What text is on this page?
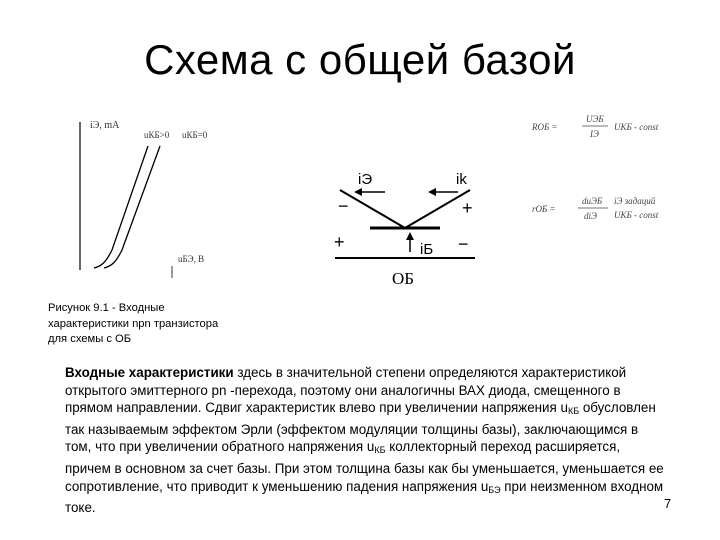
Схема с общей базой
iЭ, mA
uКБ>0 uКБ=0
uБЭ, B
Рисунок 9.1 - Входные
характеристики npn транзистора
для схемы с ОБ
iЭ	ik
iБ
−	+
+	−
ОБ
RОБ =
UЭБ
IЭ
UКБ - const
rОБ =
duЭБ
diЭ
iЭ задаций
UКБ - const
Входные характеристики здесь в значительной степени определяются характеристикой открытого эмиттерного pn -перехода, поэтому они аналогичны ВАХ диода, смещенного в прямом направлении. Сдвиг характеристик влево при увеличении напряжения $u_{КБ}$ обусловлен так называемым эффектом Эрли (эффектом модуляции толщины базы), заключающимся в том, что при увеличении обратного напряжения $u_{КБ}$ коллекторный переход расширяется, причем в основном за счет базы. При этом толщина базы как бы уменьшается, уменьшается ее сопротивление, что приводит к уменьшению падения напряжения $u_{БЭ}$ при неизменном входном токе.	7
